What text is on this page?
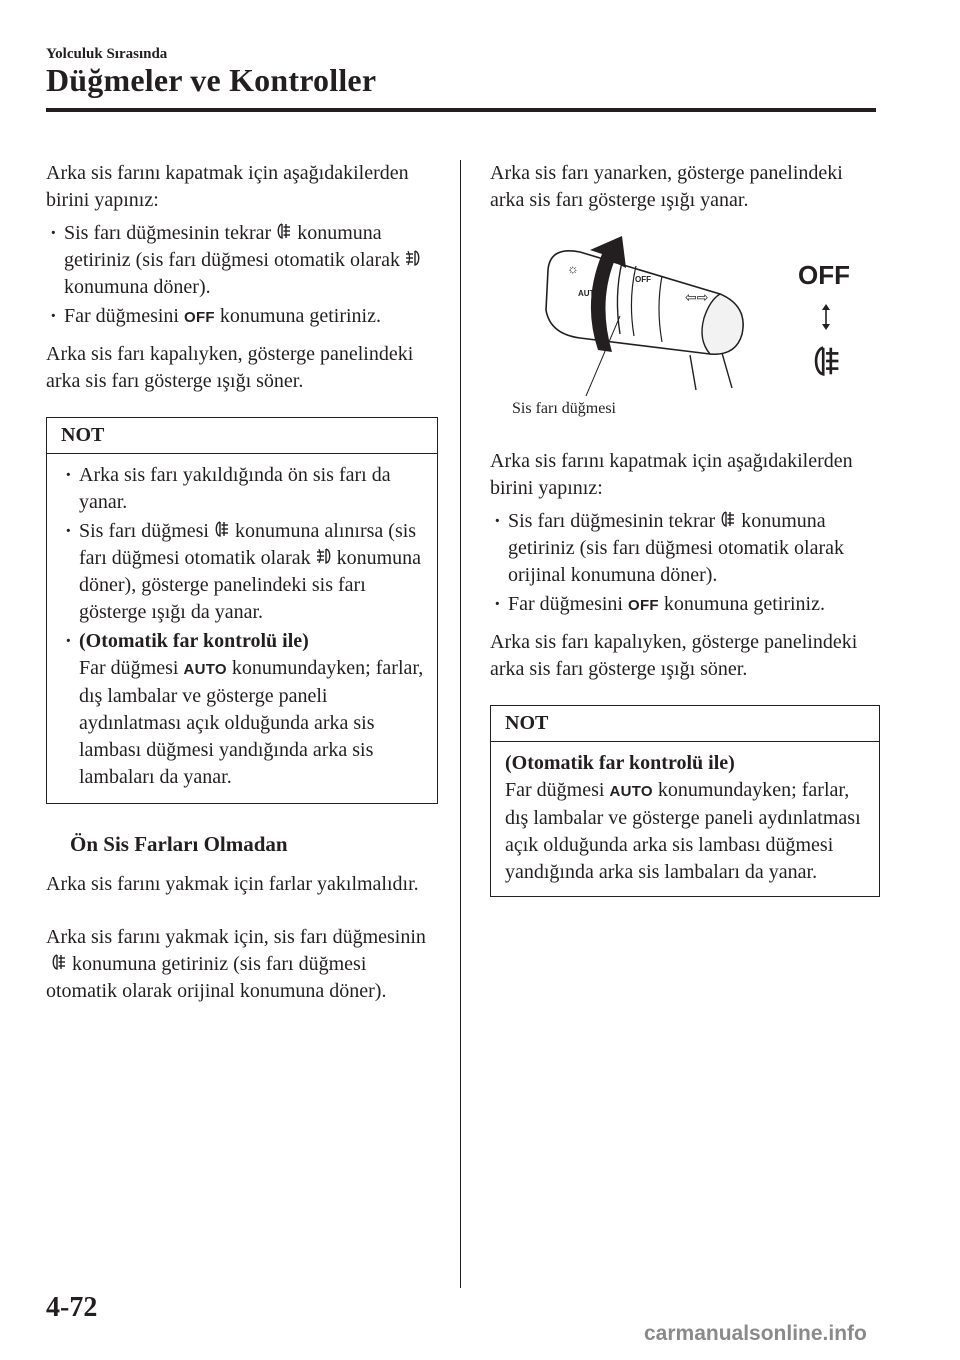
Yolculuk Sırasında
Düğmeler ve Kontroller

Arka sis farını kapatmak için aşağıdakilerden birini yapınız:

· Sis farı düğmesinin tekrar konumuna getiriniz (sis farı düğmesi otomatik olarakkonumuna döner).
· Far düğmesini OFF konumuna getiriniz.

Arka sis farı kapalıyken, gösterge panelindeki arka sis farı gösterge ışığı söner.

NOT
· Arka sis farı yakıldığında ön sis farı da yanar.
· Sis farı düğmesi konumuna alınırsa (sis farı düğmesi otomatik olarak konumuna döner), gösterge panelindeki sis farı gösterge ışığı da yanar.
· (Otomatik far kontrolü ile)
Far düğmesi AUTO konumundayken; farlar, dış lambalar ve gösterge paneli aydınlatması açık olduğunda arka sis lambası düğmesi yandığında arka sis lambaları da yanar.
Ön Sis Farları Olmadan

Arka sis farını yakmak için farlar yakılmalıdır.

Arka sis farını yakmak için, sis farı düğmesininkonumuna getiriniz (sis farı düğmesi otomatik olarak orijinal konumuna döner).

Arka sis farı yanarken, gösterge panelindeki arka sis farı gösterge ışığı yanar.

☼
OFF
AUTO	⇦⇨
OFF
Sis farı düğmesi

Arka sis farını kapatmak için aşağıdakilerden birini yapınız:

· Sis farı düğmesinin tekrar konumuna getiriniz (sis farı düğmesi otomatik olarak orijinal konumuna döner).
· Far düğmesini OFF konumuna getiriniz.

Arka sis farı kapalıyken, gösterge panelindeki arka sis farı gösterge ışığı söner.

NOT
(Otomatik far kontrolü ile)

Far düğmesi AUTO konumundayken; farlar, dış lambalar ve gösterge paneli aydınlatması açık olduğunda arka sis lambası düğmesi yandığında arka sis lambaları da yanar.

4-72
carmanualsonline.info
